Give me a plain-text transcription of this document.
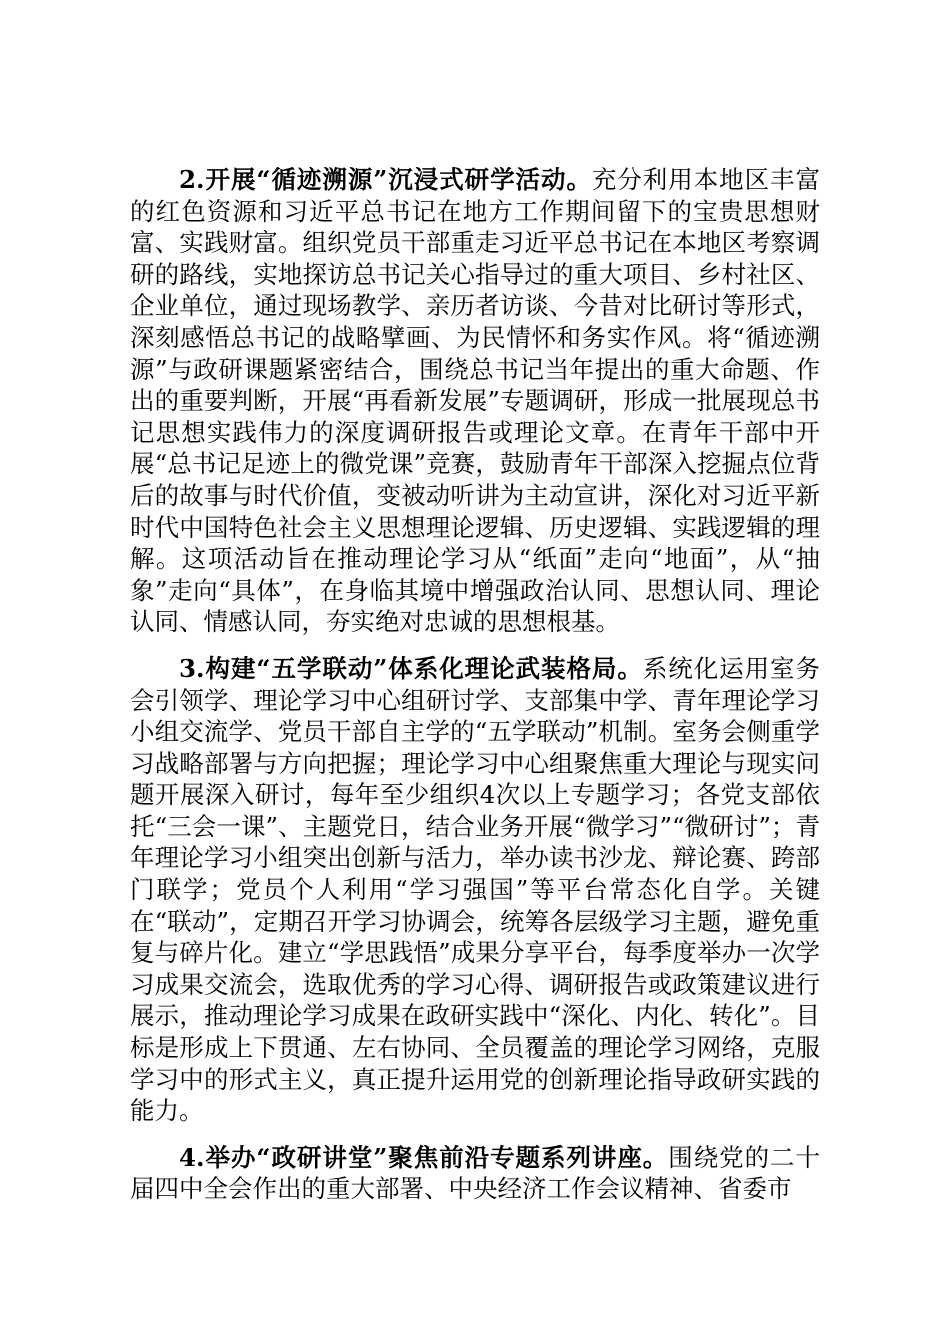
2.开展“循迹溯源”沉浸式研学活动。充分利用本地区丰富的红色资源和习近平总书记在地方工作期间留下的宝贵思想财富、实践财富。组织党员干部重走习近平总书记在本地区考察调研的路线，实地探访总书记关心指导过的重大项目、乡村社区、企业单位，通过现场教学、亲历者访谈、今昔对比研讨等形式，深刻感悟总书记的战略擘画、为民情怀和务实作风。将“循迹溯源”与政研课题紧密结合，围绕总书记当年提出的重大命题、作出的重要判断，开展“再看新发展”专题调研，形成一批展现总书记思想实践伟力的深度调研报告或理论文章。在青年干部中开展“总书记足迹上的微党课”竞赛，鼓励青年干部深入挖掘点位背后的故事与时代价值，变被动听讲为主动宣讲，深化对习近平新时代中国特色社会主义思想理论逻辑、历史逻辑、实践逻辑的理解。这项活动旨在推动理论学习从“纸面”走向“地面”，从“抽象”走向“具体”，在身临其境中增强政治认同、思想认同、理论认同、情感认同，夯实绝对忠诚的思想根基。

3.构建“五学联动”体系化理论武装格局。系统化运用室务会引领学、理论学习中心组研讨学、支部集中学、青年理论学习小组交流学、党员干部自主学的“五学联动”机制。室务会侧重学习战略部署与方向把握；理论学习中心组聚焦重大理论与现实问题开展深入研讨，每年至少组织4次以上专题学习；各党支部依托“三会一课”、主题党日，结合业务开展“微学习”“微研讨”；青年理论学习小组突出创新与活力，举办读书沙龙、辩论赛、跨部门联学；党员个人利用“学习强国”等平台常态化自学。关键在“联动”，定期召开学习协调会，统筹各层级学习主题，避免重复与碎片化。建立“学思践悟”成果分享平台，每季度举办一次学习成果交流会，选取优秀的学习心得、调研报告或政策建议进行展示，推动理论学习成果在政研实践中“深化、内化、转化”。目标是形成上下贯通、左右协同、全员覆盖的理论学习网络，克服学习中的形式主义，真正提升运用党的创新理论指导政研实践的能力。

4.举办“政研讲堂”聚焦前沿专题系列讲座。围绕党的二十届四中全会作出的重大部署、中央经济工作会议精神、省委市
